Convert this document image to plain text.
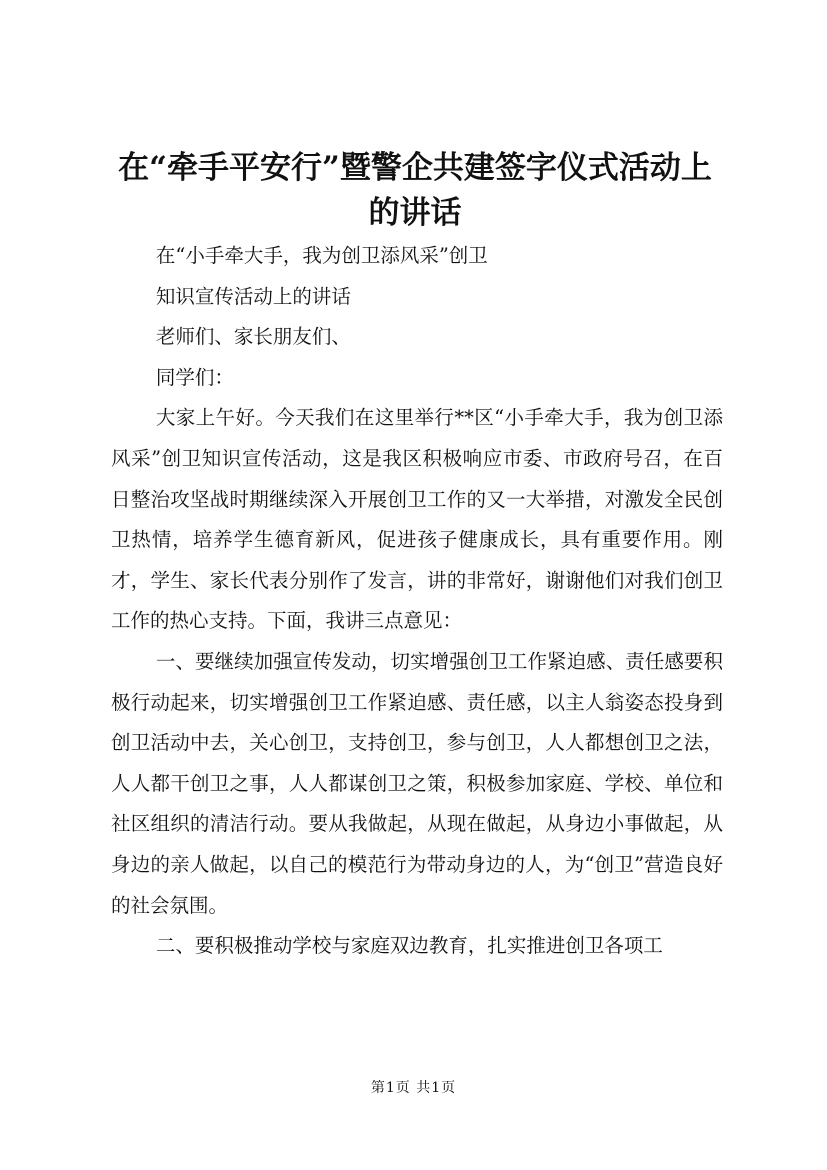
在“牵手平安行”暨警企共建签字仪式活动上
的讲话

在“小手牵大手，我为创卫添风采”创卫

知识宣传活动上的讲话

老师们、家长朋友们、

同学们：

大家上午好。今天我们在这里举行**区“小手牵大手，我为创卫添风采”创卫知识宣传活动，这是我区积极响应市委、市政府号召，在百日整治攻坚战时期继续深入开展创卫工作的又一大举措，对激发全民创卫热情，培养学生德育新风，促进孩子健康成长，具有重要作用。刚才，学生、家长代表分别作了发言，讲的非常好，谢谢他们对我们创卫工作的热心支持。下面，我讲三点意见：

一、要继续加强宣传发动，切实增强创卫工作紧迫感、责任感要积极行动起来，切实增强创卫工作紧迫感、责任感，以主人翁姿态投身到创卫活动中去，关心创卫，支持创卫，参与创卫，人人都想创卫之法，人人都干创卫之事，人人都谋创卫之策，积极参加家庭、学校、单位和社区组织的清洁行动。要从我做起，从现在做起，从身边小事做起，从身边的亲人做起，以自己的模范行为带动身边的人，为“创卫”营造良好的社会氛围。

二、要积极推动学校与家庭双边教育，扎实推进创卫各项工

第1页 共1页
